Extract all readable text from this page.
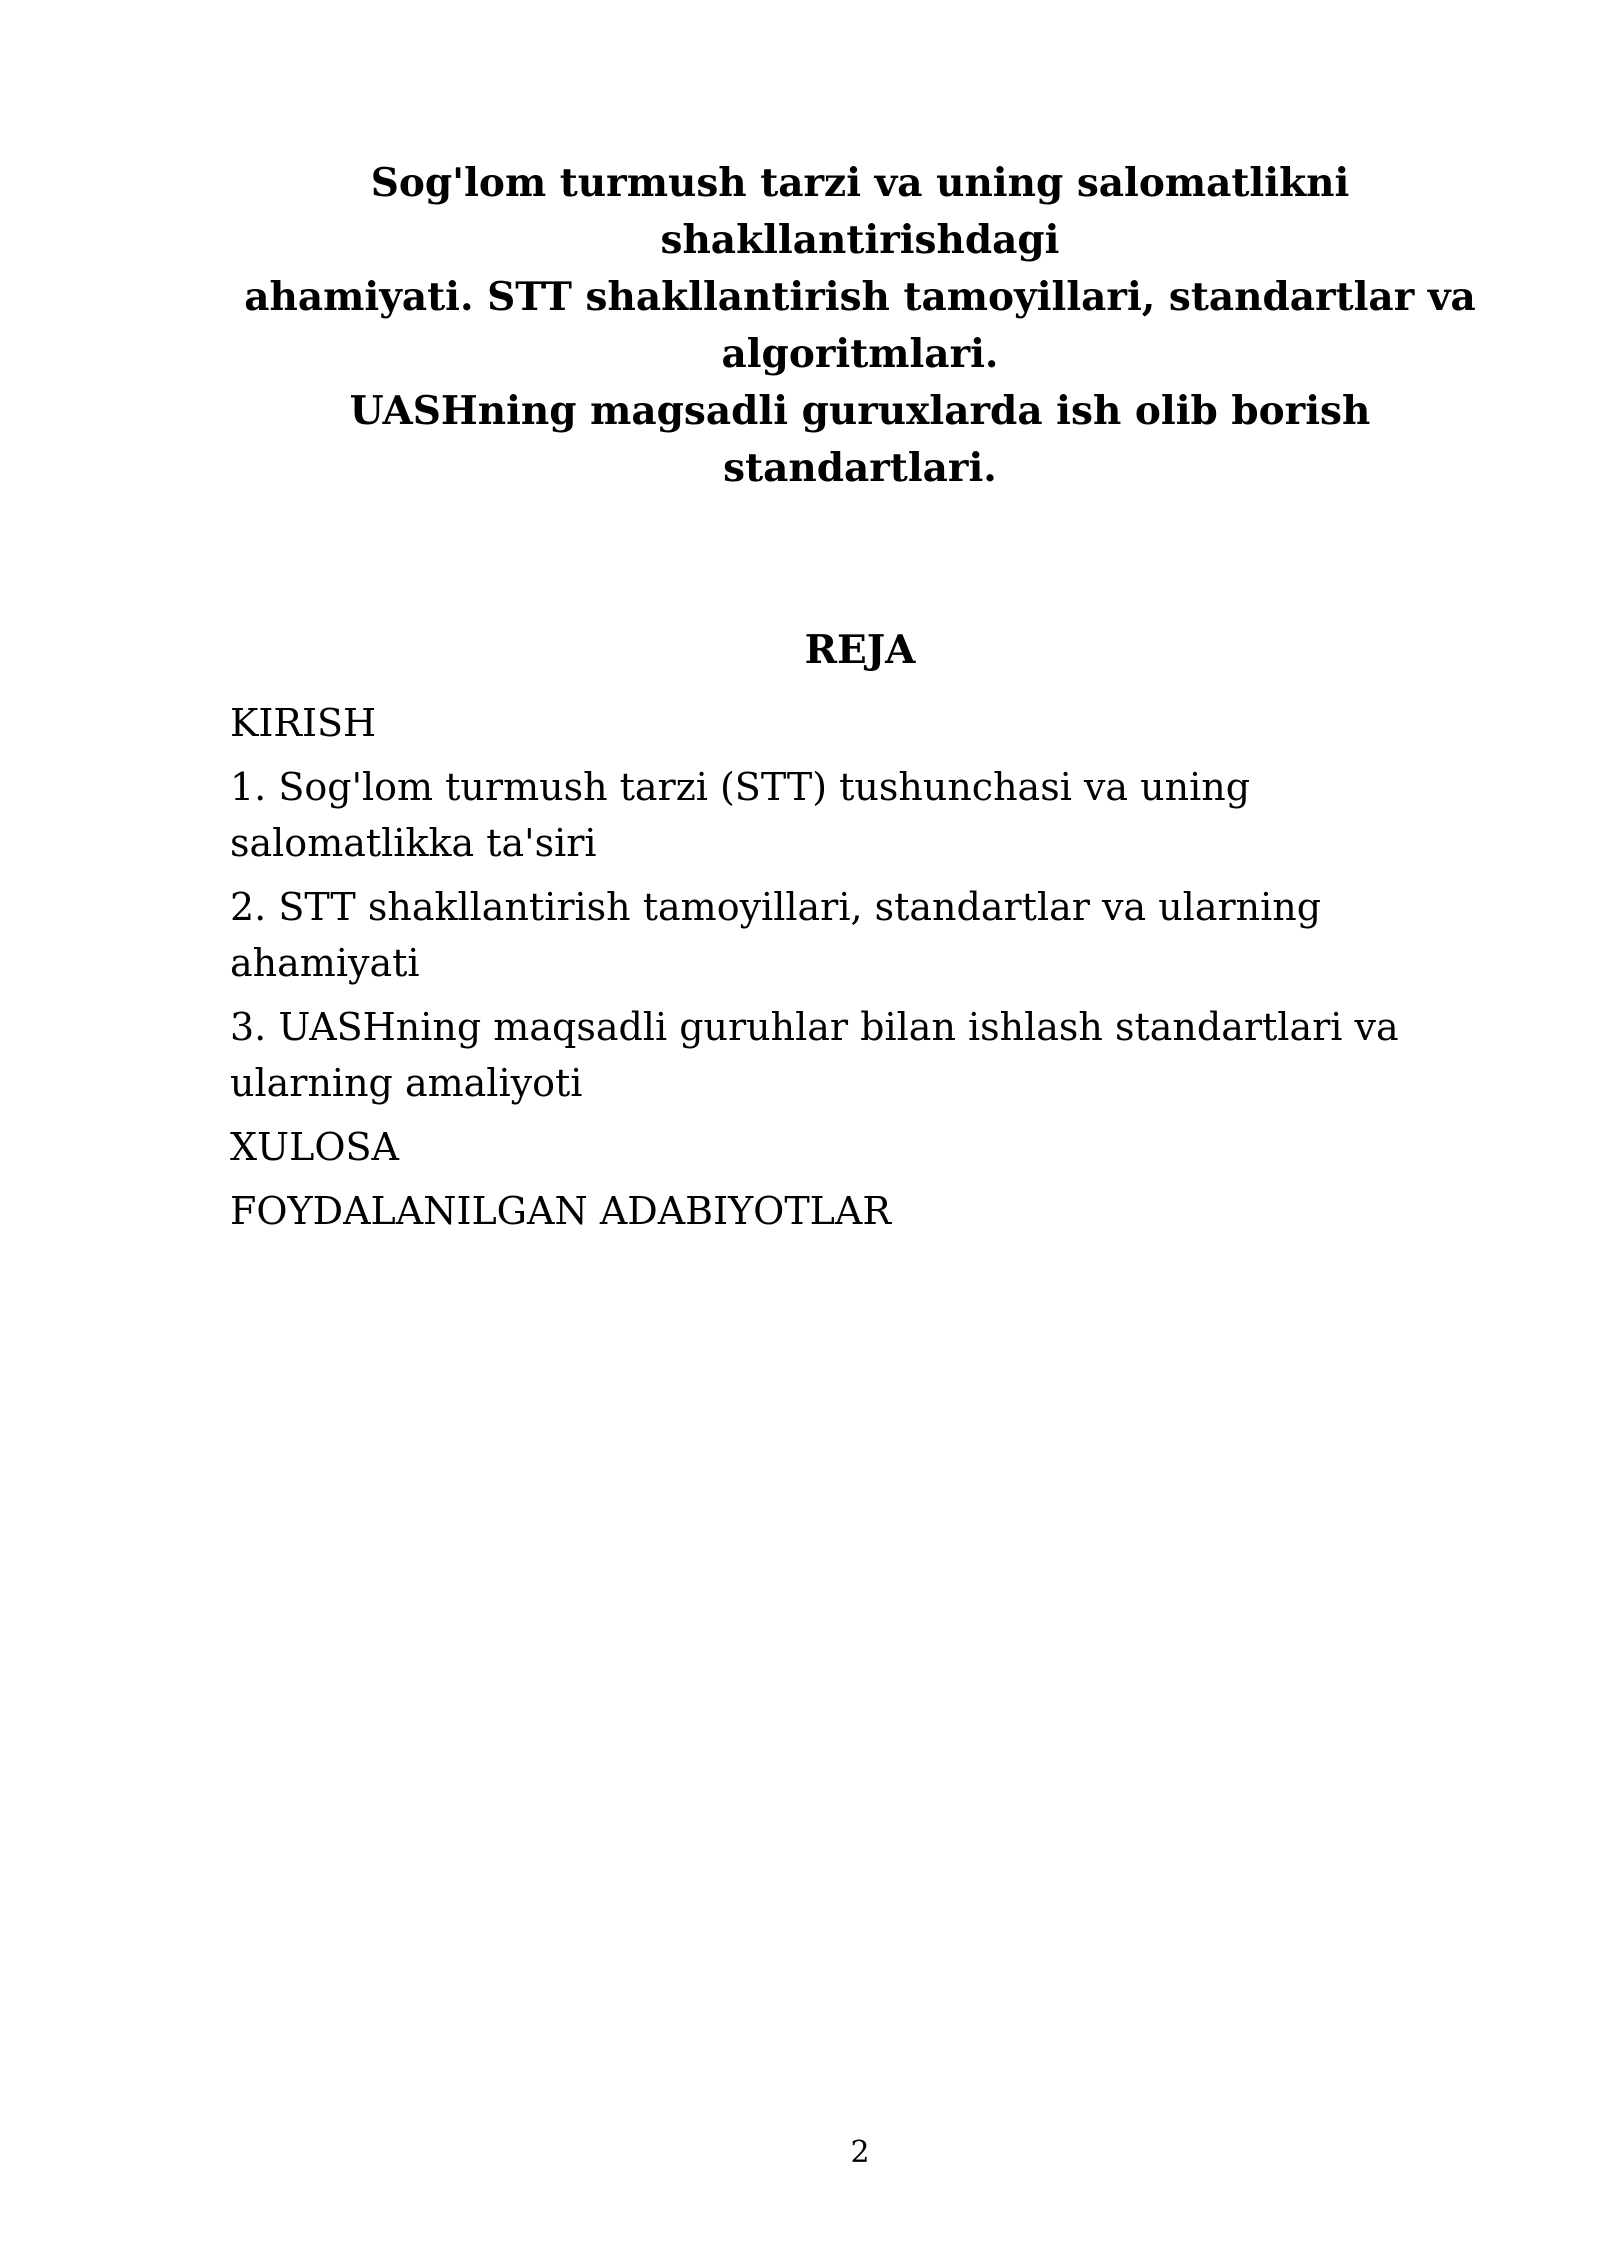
Sog'lom turmush tarzi va uning salomatlikni
shakllantirishdagi
ahamiyati. STT shakllantirish tamoyillari, standartlar va
algoritmlari.
UASHning magsadli guruxlarda ish olib borish
standartlari.
REJA
KIRISH
1. Sog'lom turmush tarzi (STT) tushunchasi va uning
salomatlikka ta'siri
2. STT shakllantirish tamoyillari, standartlar va ularning
ahamiyati
3. UASHning maqsadli guruhlar bilan ishlash standartlari va
ularning amaliyoti
XULOSA
FOYDALANILGAN ADABIYOTLAR
2
